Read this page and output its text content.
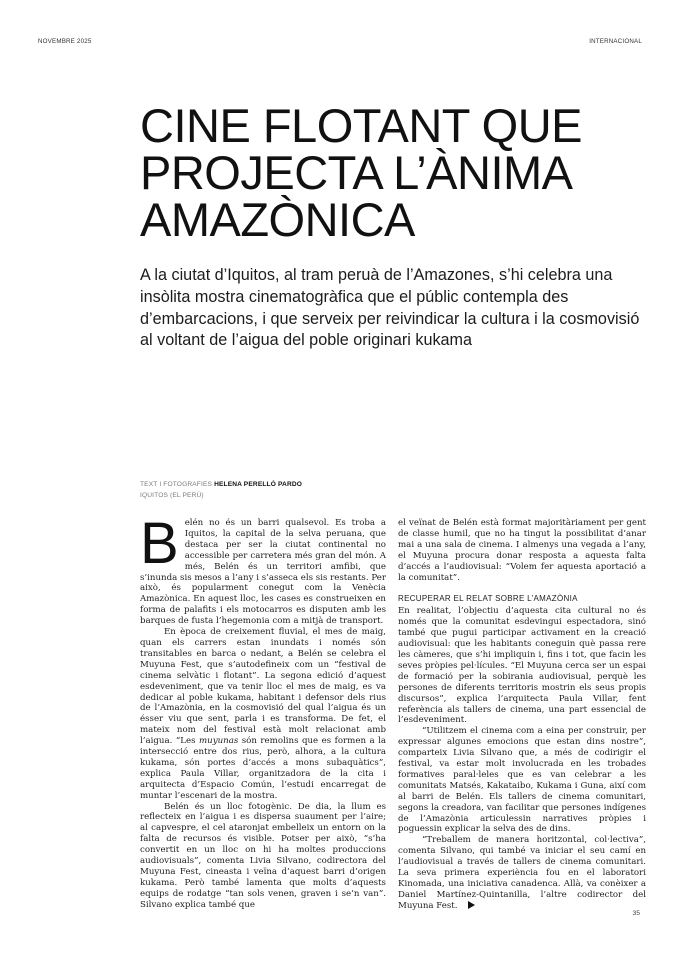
NOVEMBRE 2025	INTERNACIONAL
CINE FLOTANT QUE
PROJECTA L’ÀNIMA
AMAZÒNICA

A la ciutat d’Iquitos, al tram peruà de l’Amazones, s’hi celebra una insòlita mostra cinematogràfica que el públic contempla des d’embarcacions, i que serveix per reivindicar la cultura i la cosmovisió al voltant de l’aigua del poble originari kukama

TEXT I FOTOGRAFIES HELENA PERELLÓ PARDO
IQUITOS (EL PERÚ)

Belén no és un barri qualsevol. Es troba a Iquitos, la capital de la selva peruana, que destaca per ser la ciutat continental no accessible per carretera més gran del món. A més, Belén és un territori amfibi, que s’inunda sis mesos a l’any i s’asseca els sis restants. Per això, és popularment conegut com la Venècia Amazònica. En aquest lloc, les cases es construeixen en forma de palafits i els motocarros es disputen amb les barques de fusta l’hegemonia com a mitjà de transport.

En època de creixement fluvial, el mes de maig, quan els carrers estan inundats i només són transitables en barca o nedant, a Belén se celebra el Muyuna Fest, que s’autodefineix com un “festival de cinema selvàtic i flotant”. La segona edició d’aquest esdeveniment, que va tenir lloc el mes de maig, es va dedicar al poble kukama, habitant i defensor dels rius de l’Amazònia, en la cosmovisió del qual l’aigua és un ésser viu que sent, parla i es transforma. De fet, el mateix nom del festival està molt relacionat amb l’aigua. “Les muyunas són remolins que es formen a la intersecció entre dos rius, però, alhora, a la cultura kukama, són portes d’accés a mons subaquàtics”, explica Paula Villar, organitzadora de la cita i arquitecta d’Espacio Común, l’estudi encarregat de muntar l’escenari de la mostra.

Belén és un lloc fotogènic. De dia, la llum es reflecteix en l’aigua i es dispersa suaument per l’aire; al capvespre, el cel ataronjat embelleix un entorn on la falta de recursos és visible. Potser per això, “s’ha convertit en un lloc on hi ha moltes produccions audiovisuals”, comenta Livia Silvano, codirectora del Muyuna Fest, cineasta i veïna d’aquest barri d’origen kukama. Però també lamenta que molts d’aquests equips de rodatge “tan sols venen, graven i se’n van”. Silvano explica també que

el veïnat de Belén està format majoritàriament per gent de classe humil, que no ha tingut la possibilitat d’anar mai a una sala de cinema. I almenys una vegada a l’any, el Muyuna procura donar resposta a aquesta falta d’accés a l’audiovisual: “Volem fer aquesta aportació a la comunitat”.

RECUPERAR EL RELAT SOBRE L’AMAZÒNIA

En realitat, l’objectiu d’aquesta cita cultural no és només que la comunitat esdevingui espectadora, sinó també que pugui participar activament en la creació audiovisual: que les habitants coneguin què passa rere les càmeres, que s’hi impliquin i, fins i tot, que facin les seves pròpies pel·lícules. “El Muyuna cerca ser un espai de formació per la sobirania audiovisual, perquè les persones de diferents territoris mostrin els seus propis discursos”, explica l’arquitecta Paula Villar, fent referència als tallers de cinema, una part essencial de l’esdeveniment.

“Utilitzem el cinema com a eina per construir, per expressar algunes emocions que estan dins nostre”, comparteix Livia Silvano que, a més de codirigir el festival, va estar molt involucrada en les trobades formatives paral·leles que es van celebrar a les comunitats Matsés, Kakataibo, Kukama i Guna, així com al barri de Belén. Els tallers de cinema comunitari, segons la creadora, van facilitar que persones indígenes de l’Amazònia articulessin narratives pròpies i poguessin explicar la selva des de dins.

“Treballem de manera horitzontal, col·lectiva”, comenta Silvano, qui també va iniciar el seu camí en l’audiovisual a través de tallers de cinema comunitari. La seva primera experiència fou en el laboratori Kinomada, una iniciativa canadenca. Allà, va conèixer a Daniel Martínez-Quintanilla, l’altre codirector del Muyuna Fest.

35
